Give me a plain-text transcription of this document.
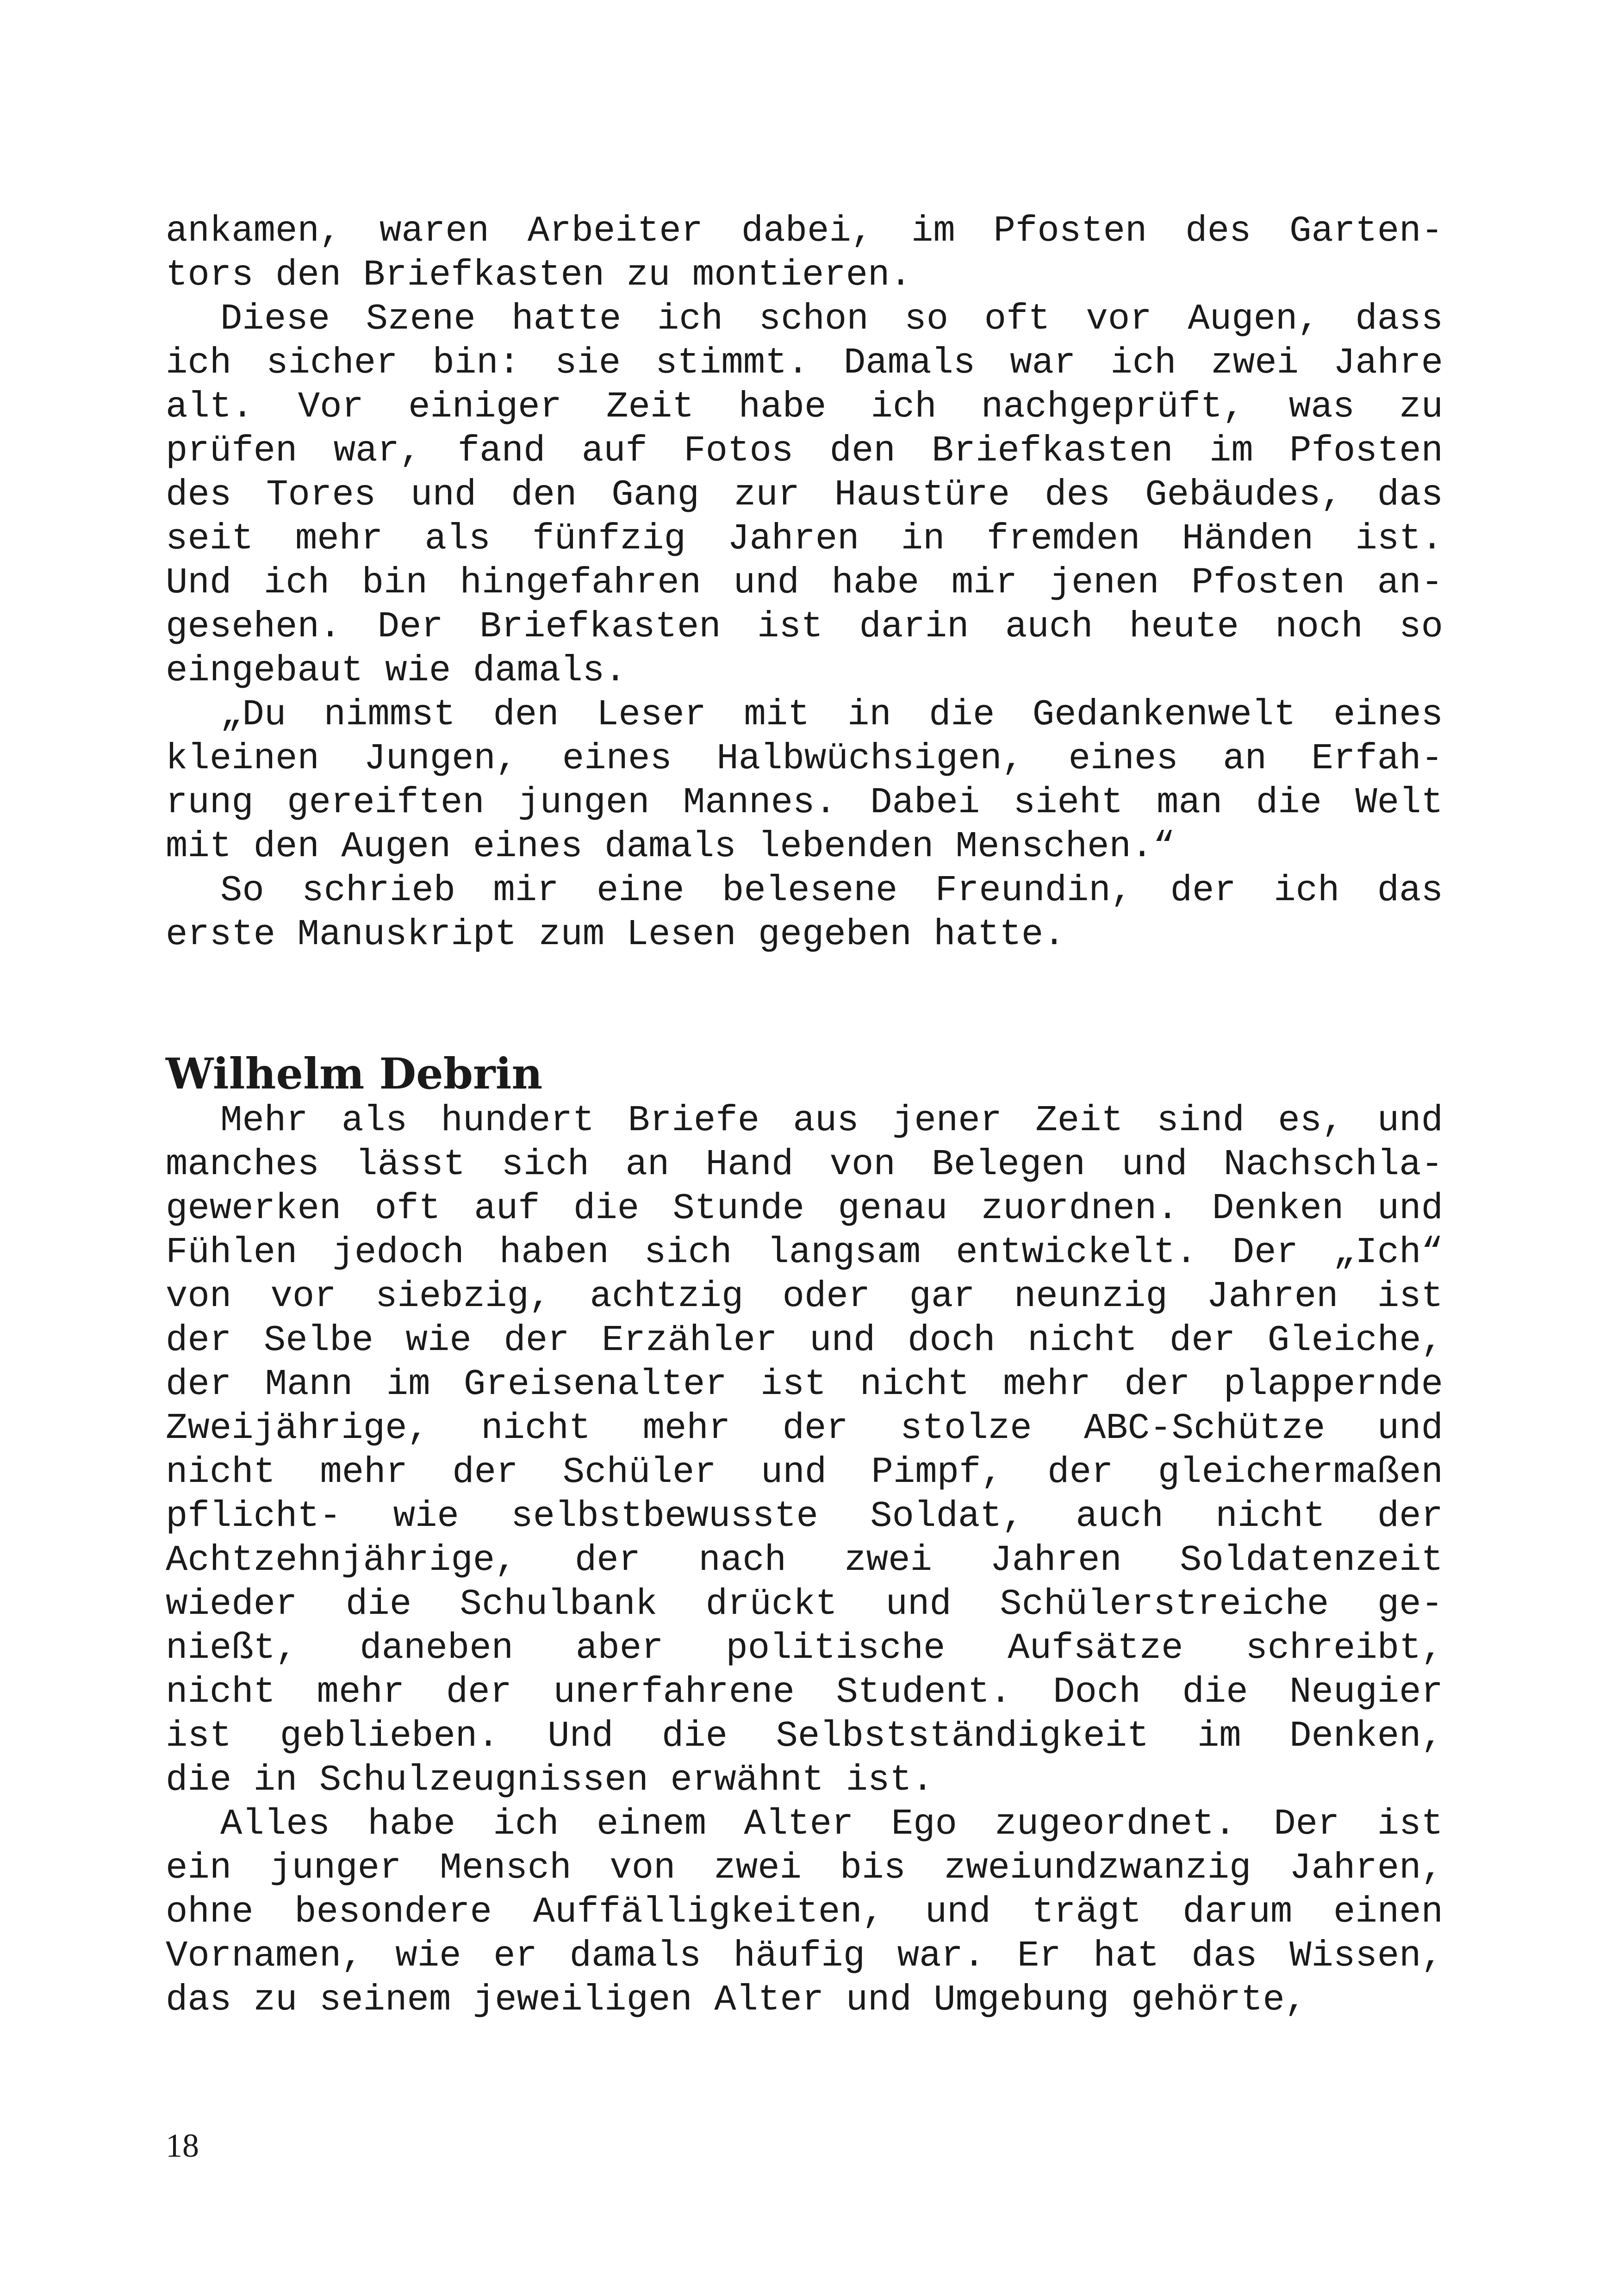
ankamen, waren Arbeiter dabei, im Pfosten des Garten-
tors den Briefkasten zu montieren.

Diese Szene hatte ich schon so oft vor Augen, dass
ich sicher bin: sie stimmt. Damals war ich zwei Jahre
alt. Vor einiger Zeit habe ich nachgeprüft, was zu
prüfen war, fand auf Fotos den Briefkasten im Pfosten
des Tores und den Gang zur Haustüre des Gebäudes, das
seit mehr als fünfzig Jahren in fremden Händen ist.
Und ich bin hingefahren und habe mir jenen Pfosten an-
gesehen. Der Briefkasten ist darin auch heute noch so
eingebaut wie damals.

„Du nimmst den Leser mit in die Gedankenwelt eines
kleinen Jungen, eines Halbwüchsigen, eines an Erfah-
rung gereiften jungen Mannes. Dabei sieht man die Welt
mit den Augen eines damals lebenden Menschen.“

So schrieb mir eine belesene Freundin, der ich das
erste Manuskript zum Lesen gegeben hatte.

Wilhelm Debrin

Mehr als hundert Briefe aus jener Zeit sind es, und
manches lässt sich an Hand von Belegen und Nachschla-
gewerken oft auf die Stunde genau zuordnen. Denken und
Fühlen jedoch haben sich langsam entwickelt. Der „Ich“
von vor siebzig, achtzig oder gar neunzig Jahren ist
der Selbe wie der Erzähler und doch nicht der Gleiche,
der Mann im Greisenalter ist nicht mehr der plappernde
Zweijährige, nicht mehr der stolze ABC-Schütze und
nicht mehr der Schüler und Pimpf, der gleichermaßen
pflicht- wie selbstbewusste Soldat, auch nicht der
Achtzehnjährige, der nach zwei Jahren Soldatenzeit
wieder die Schulbank drückt und Schülerstreiche ge-
nießt, daneben aber politische Aufsätze schreibt,
nicht mehr der unerfahrene Student. Doch die Neugier
ist geblieben. Und die Selbstständigkeit im Denken,
die in Schulzeugnissen erwähnt ist.

Alles habe ich einem Alter Ego zugeordnet. Der ist
ein junger Mensch von zwei bis zweiundzwanzig Jahren,
ohne besondere Auffälligkeiten, und trägt darum einen
Vornamen, wie er damals häufig war. Er hat das Wissen,
das zu seinem jeweiligen Alter und Umgebung gehörte,

18
